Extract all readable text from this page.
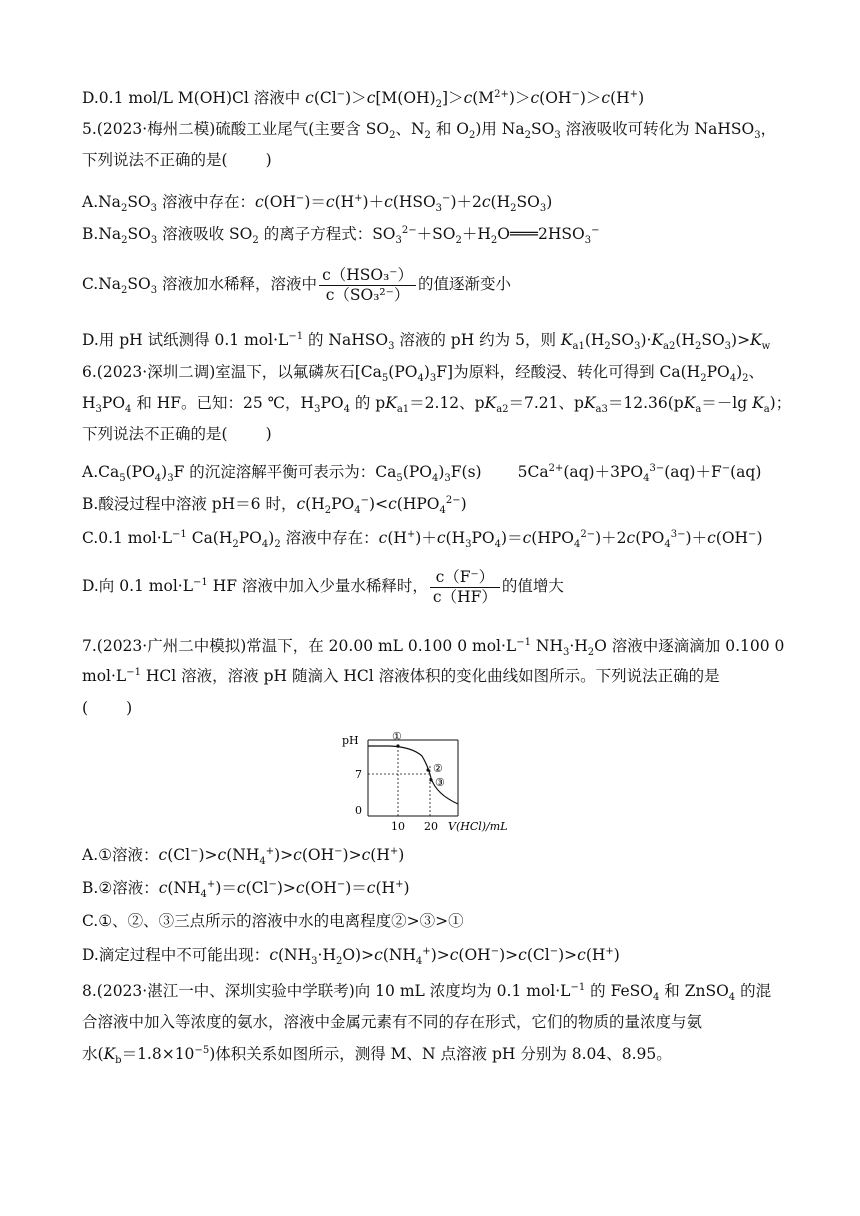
D.0.1 mol/L M(OH)Cl 溶液中 $c(Cl^-)>c[M(OH)_2]>c(M^{2+})>c(OH^-)>c(H^+)$
5.(2023·梅州二模)硫酸工业尾气(主要含 $SO_2$、$N_2$ 和 $O_2$)用 $Na_2SO_3$ 溶液吸收可转化为 NaHSO$_3$，
下列说法不正确的是( )
$A.Na_2SO_3$ 溶液中存在：$c(OH^-)=c(H^+)+c(HSO_3^-)+2c(H_2SO_3)$
$B.Na_2SO_3$ 溶液吸收 $SO_2$ 的离子方程式：$SO_3^{2-}+SO_2+H_2O═══2HSO_3^-$
$C.Na_2SO_3$ 溶液加水稀释，溶液中 $\frac{\text{c（HSO₃⁻）}}{\text{c（SO₃²⁻）}}$ 的值逐渐变小
D.用 pH 试纸测得 0.1 $mol\cdot L^{-1}$ 的 NaHSO$_3$ 溶液的 pH 约为 5，则 $K_{a1}(H_2SO_3)\cdot K_{a2}(H_2SO_3)>K_w$
6.(2023·深圳二调)室温下，以氟磷灰石$[Ca_5(PO_4)_3F]$为原料，经酸浸、转化可得到 $Ca(H_2PO_4)_2$、
$H_3PO_4$ 和 HF。已知：25 ℃，$H_3PO_4$ 的 $pK_{a1}=2.12$、$pK_{a2}=7.21$、$pK_{a3}=12.36(pK_a=-\lg$ $K_a$)；
下列说法不正确的是( )
$A.Ca_5(PO_4)_3F$ 的沉淀溶解平衡可表示为：$Ca_5(PO_4)_3F(s)$ $5Ca^{2+}(aq)+3PO_4^{3-}(aq)+F^-(aq)$
B.酸浸过程中溶液 pH＝6 时，$c(H_2PO_4^-)<c(HPO_4^{2-})$
C.0.1 $mol\cdot L^{-1}$ $Ca(H_2PO_4)_2$ 溶液中存在：$c(H^+)+c(H_3PO_4)=c(HPO_4^{2-})+2c(PO_4^{3-})+c(OH^-)$
D.向 0.1 $mol\cdot L^{-1}$ HF 溶液中加入少量水稀释时， $\frac{c(F^-)}{c(HF)}$ 的值增大
7.(2023·广州二中模拟)常温下，在 20.00 mL 0.100 0 $mol\cdot L^{-1}$ $NH_3\cdot H_2O$ 溶液中逐滴滴加 0.100 0
$mol\cdot L^{-1}$ HCl 溶液，溶液 pH 随滴入 HCl 溶液体积的变化曲线如图所示。下列说法正确的是
( )
pH
7
0
①
②
③
10 20 V(HCl)/mL
A.①溶液：$c(Cl^-)>c(NH_4^+)>c(OH^-)>c(H^+)$
B.②溶液：$c(NH_4^+)=c(Cl^-)>c(OH^-)=c(H^+)$
C.①、②、③三点所示的溶液中水的电离程度②>③>①
D.滴定过程中不可能出现：$c(NH_3\cdot H_2O)>c(NH_4^+)>c(OH^-)>c(Cl^-)>c(H^+)$
8.(2023·湛江一中、深圳实验中学联考)向 10 mL 浓度均为 0.1 $mol\cdot L^{-1}$ 的 FeSO$_4$ 和 ZnSO$_4$ 的混
合溶液中加入等浓度的氨水，溶液中金属元素有不同的存在形式，它们的物质的量浓度与氨
水$(K_b=1.8\times 10^{-5})$体积关系如图所示，测得 M、N 点溶液 pH 分别为 8.04、8.95。
